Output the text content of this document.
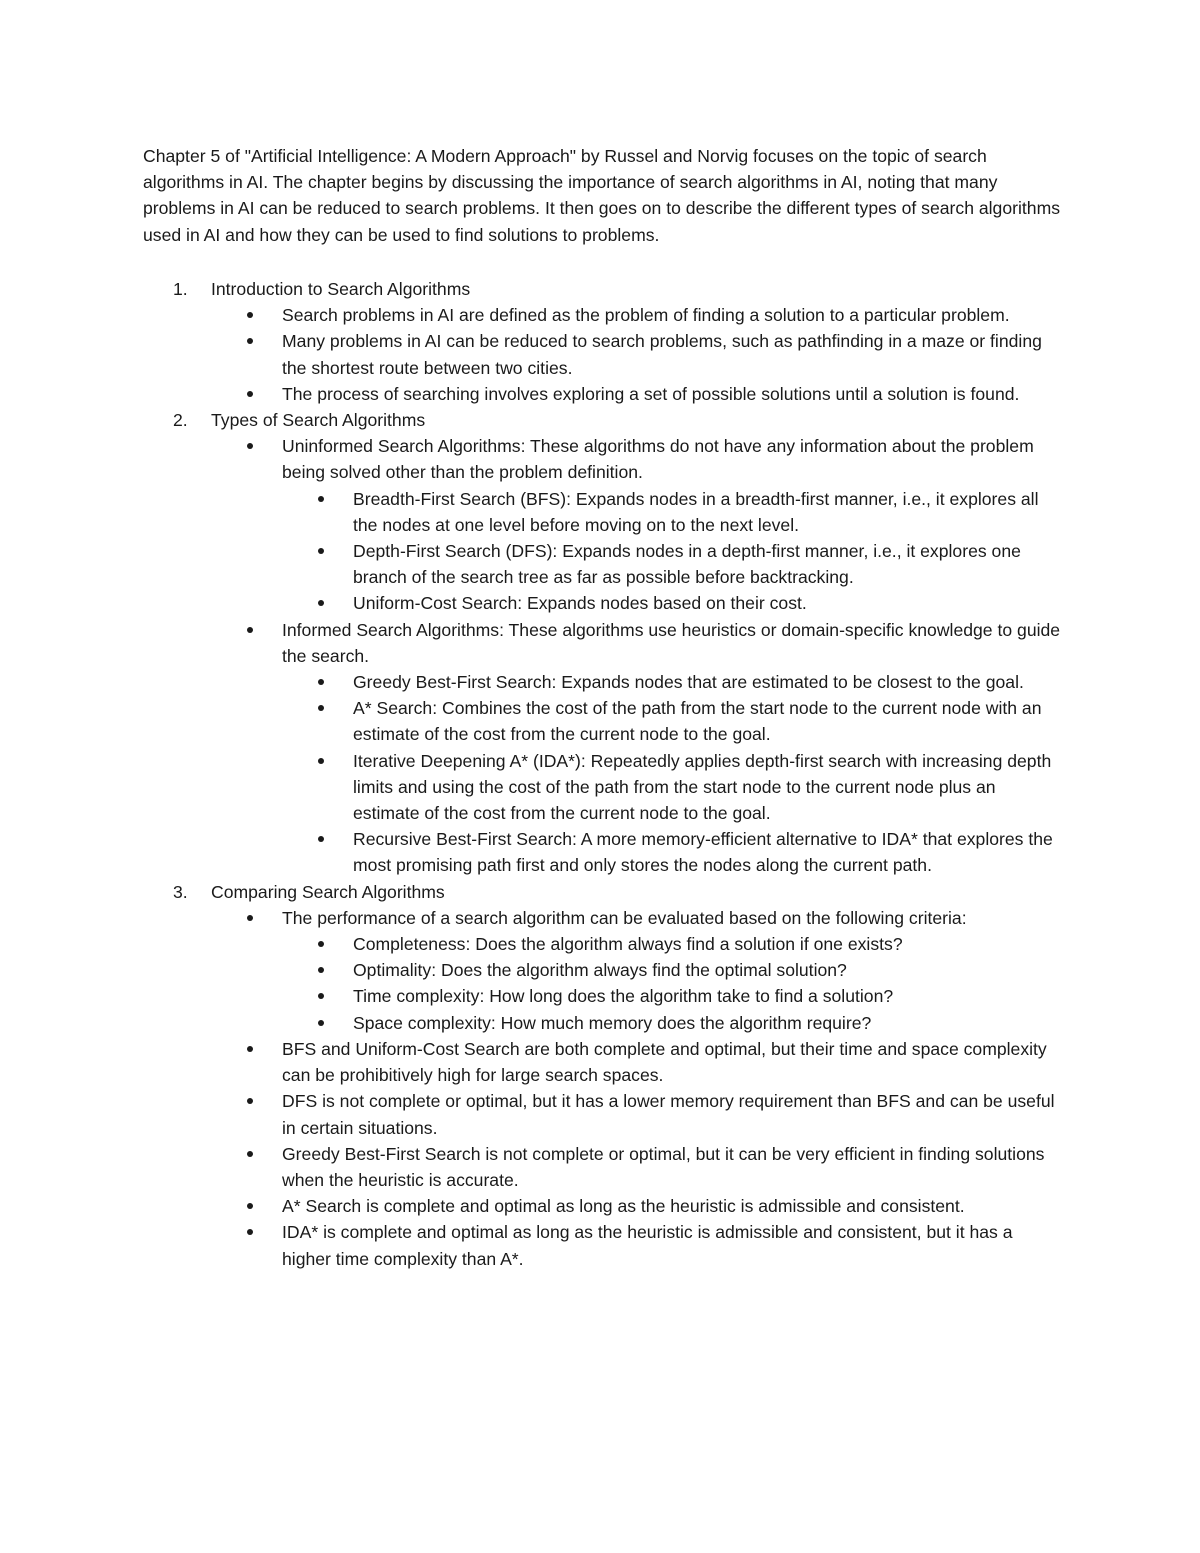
Chapter 5 of "Artificial Intelligence: A Modern Approach" by Russel and Norvig focuses on the topic of search algorithms in AI. The chapter begins by discussing the importance of search algorithms in AI, noting that many problems in AI can be reduced to search problems. It then goes on to describe the different types of search algorithms used in AI and how they can be used to find solutions to problems.

1. Introduction to Search Algorithms
Search problems in AI are defined as the problem of finding a solution to a particular problem.
Many problems in AI can be reduced to search problems, such as pathfinding in a maze or finding the shortest route between two cities.
The process of searching involves exploring a set of possible solutions until a solution is found.
2. Types of Search Algorithms
Uninformed Search Algorithms: These algorithms do not have any information about the problem being solved other than the problem definition.
Breadth-First Search (BFS): Expands nodes in a breadth-first manner, i.e., it explores all the nodes at one level before moving on to the next level.
Depth-First Search (DFS): Expands nodes in a depth-first manner, i.e., it explores one branch of the search tree as far as possible before backtracking.
Uniform-Cost Search: Expands nodes based on their cost.
Informed Search Algorithms: These algorithms use heuristics or domain-specific knowledge to guide the search.
Greedy Best-First Search: Expands nodes that are estimated to be closest to the goal.
A* Search: Combines the cost of the path from the start node to the current node with an estimate of the cost from the current node to the goal.
Iterative Deepening A* (IDA*): Repeatedly applies depth-first search with increasing depth limits and using the cost of the path from the start node to the current node plus an estimate of the cost from the current node to the goal.
Recursive Best-First Search: A more memory-efficient alternative to IDA* that explores the most promising path first and only stores the nodes along the current path.
3. Comparing Search Algorithms
The performance of a search algorithm can be evaluated based on the following criteria:
Completeness: Does the algorithm always find a solution if one exists?
Optimality: Does the algorithm always find the optimal solution?
Time complexity: How long does the algorithm take to find a solution?
Space complexity: How much memory does the algorithm require?
BFS and Uniform-Cost Search are both complete and optimal, but their time and space complexity can be prohibitively high for large search spaces.
DFS is not complete or optimal, but it has a lower memory requirement than BFS and can be useful in certain situations.
Greedy Best-First Search is not complete or optimal, but it can be very efficient in finding solutions when the heuristic is accurate.
A* Search is complete and optimal as long as the heuristic is admissible and consistent.
IDA* is complete and optimal as long as the heuristic is admissible and consistent, but it has a higher time complexity than A*.
